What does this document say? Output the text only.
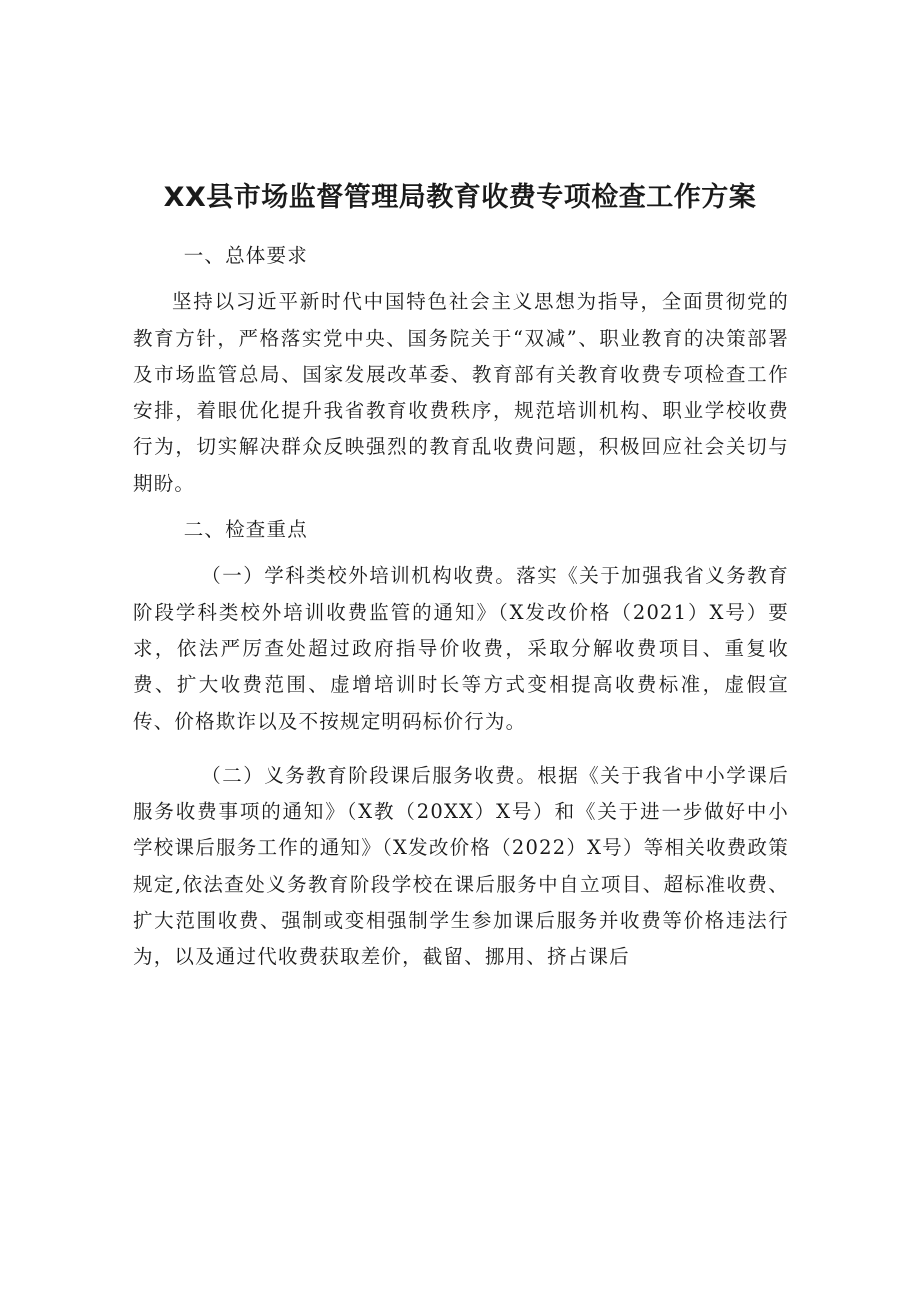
XX县市场监督管理局教育收费专项检查工作方案

一、总体要求

坚持以习近平新时代中国特色社会主义思想为指导，全面贯彻党的教育方针，严格落实党中央、国务院关于“双减”、职业教育的决策部署及市场监管总局、国家发展改革委、教育部有关教育收费专项检查工作安排，着眼优化提升我省教育收费秩序，规范培训机构、职业学校收费行为，切实解决群众反映强烈的教育乱收费问题，积极回应社会关切与期盼。

二、检查重点

（一）学科类校外培训机构收费。落实《关于加强我省义务教育阶段学科类校外培训收费监管的通知》（X发改价格（2021）X号）要求，依法严厉查处超过政府指导价收费，采取分解收费项目、重复收费、扩大收费范围、虚增培训时长等方式变相提高收费标准，虚假宣传、价格欺诈以及不按规定明码标价行为。

（二）义务教育阶段课后服务收费。根据《关于我省中小学课后服务收费事项的通知》（X教（20XX）X号）和《关于进一步做好中小学校课后服务工作的通知》（X发改价格（2022）X号）等相关收费政策规定,依法查处义务教育阶段学校在课后服务中自立项目、超标准收费、扩大范围收费、强制或变相强制学生参加课后服务并收费等价格违法行为，以及通过代收费获取差价，截留、挪用、挤占课后
